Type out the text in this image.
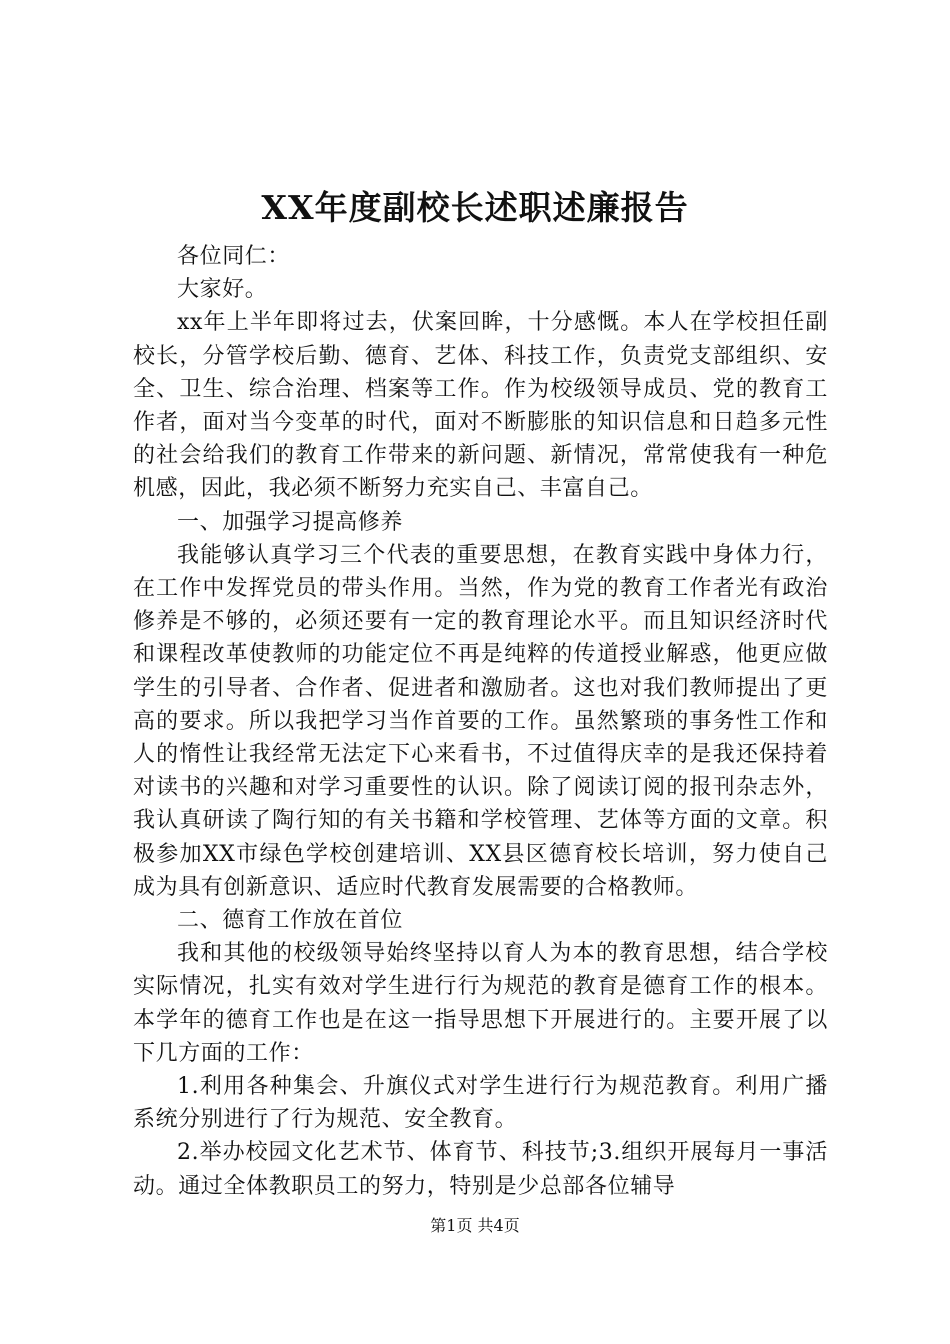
XX年度副校长述职述廉报告

各位同仁：

大家好。

xx年上半年即将过去，伏案回眸，十分感慨。本人在学校担任副校长，分管学校后勤、德育、艺体、科技工作，负责党支部组织、安全、卫生、综合治理、档案等工作。作为校级领导成员、党的教育工作者，面对当今变革的时代，面对不断膨胀的知识信息和日趋多元性的社会给我们的教育工作带来的新问题、新情况，常常使我有一种危机感，因此，我必须不断努力充实自己、丰富自己。

一、加强学习提高修养

我能够认真学习三个代表的重要思想，在教育实践中身体力行，在工作中发挥党员的带头作用。当然，作为党的教育工作者光有政治修养是不够的，必须还要有一定的教育理论水平。而且知识经济时代和课程改革使教师的功能定位不再是纯粹的传道授业解惑，他更应做学生的引导者、合作者、促进者和激励者。这也对我们教师提出了更高的要求。所以我把学习当作首要的工作。虽然繁琐的事务性工作和人的惰性让我经常无法定下心来看书，不过值得庆幸的是我还保持着对读书的兴趣和对学习重要性的认识。除了阅读订阅的报刊杂志外，我认真研读了陶行知的有关书籍和学校管理、艺体等方面的文章。积极参加XX市绿色学校创建培训、XX县区德育校长培训，努力使自己成为具有创新意识、适应时代教育发展需要的合格教师。

二、德育工作放在首位

我和其他的校级领导始终坚持以育人为本的教育思想，结合学校实际情况，扎实有效对学生进行行为规范的教育是德育工作的根本。本学年的德育工作也是在这一指导思想下开展进行的。主要开展了以下几方面的工作：

1.利用各种集会、升旗仪式对学生进行行为规范教育。利用广播系统分别进行了行为规范、安全教育。

2.举办校园文化艺术节、体育节、科技节;3.组织开展每月一事活动。通过全体教职员工的努力，特别是少总部各位辅导

第1页 共4页
